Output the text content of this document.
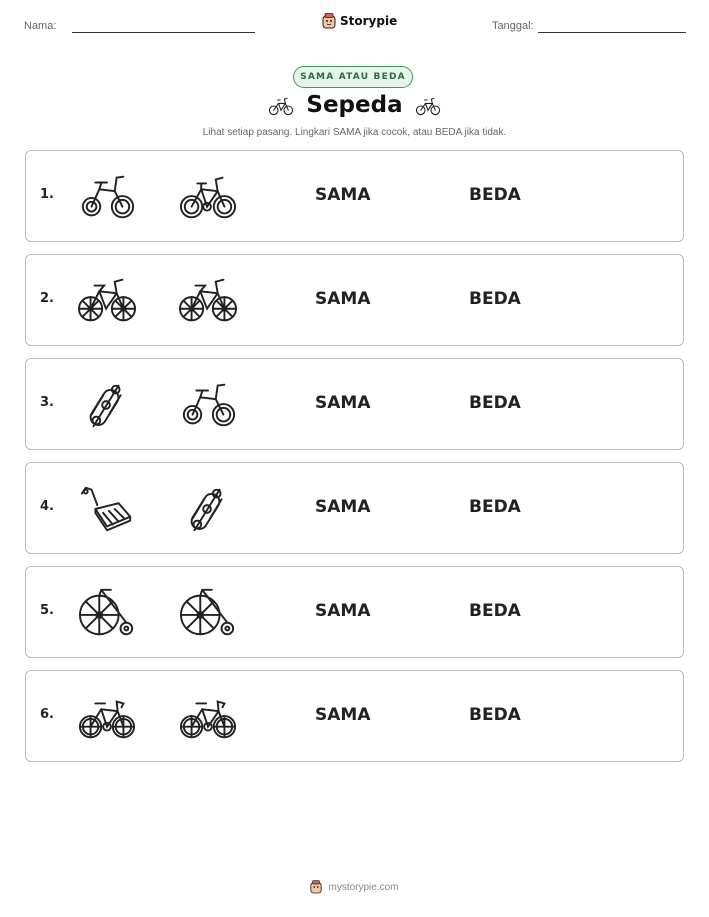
Nama:	Storypie	Tanggal:
SAMA ATAU BEDA
Sepeda
Lihat setiap pasang. Lingkari SAMA jika cocok, atau BEDA jika tidak.
1.	SAMA	BEDA
2.	SAMA	BEDA
3.	SAMA	BEDA
4.	SAMA	BEDA
5.	SAMA	BEDA
6.	SAMA	BEDA
mystorypie.com
